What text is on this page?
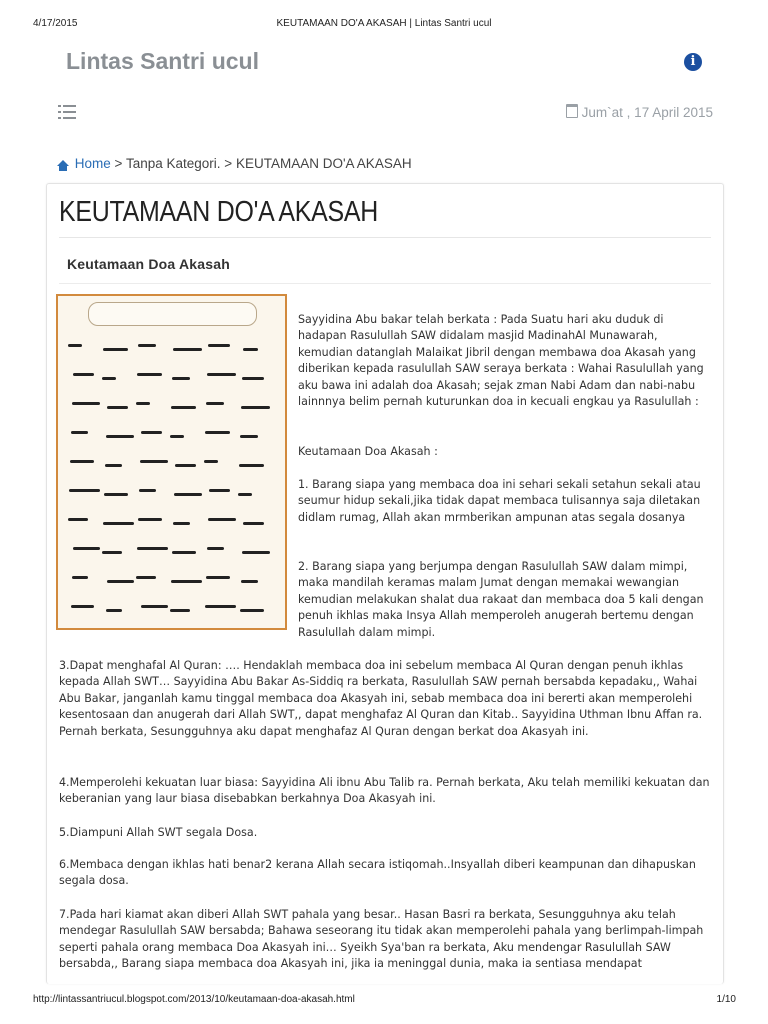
4/17/2015	KEUTAMAAN DO'A AKASAH | Lintas Santri ucul
Lintas Santri ucul	i
Jum`at , 17 April 2015
Home > Tanpa Kategori. > KEUTAMAAN DO'A AKASAH
KEUTAMAAN DO'A AKASAH
Keutamaan Doa Akasah
Sayyidina Abu bakar telah berkata : Pada Suatu hari aku duduk di hadapan Rasulullah SAW didalam masjid MadinahAl Munawarah, kemudian datanglah Malaikat Jibril dengan membawa doa Akasah yang diberikan kepada rasulullah SAW seraya berkata : Wahai Rasulullah yang aku bawa ini adalah doa Akasah; sejak zman Nabi Adam dan nabi-nabu lainnnya belim pernah kuturunkan doa in kecuali engkau ya Rasulullah :
Keutamaan Doa Akasah :
1. Barang siapa yang membaca doa ini sehari sekali setahun sekali atau seumur hidup sekali,jika tidak dapat membaca tulisannya saja diletakan didlam rumag, Allah akan mrmberikan ampunan atas segala dosanya
2. Barang siapa yang berjumpa dengan Rasulullah SAW dalam mimpi, maka mandilah keramas malam Jumat dengan memakai wewangian kemudian melakukan shalat dua rakaat dan membaca doa 5 kali dengan penuh ikhlas maka Insya Allah memperoleh anugerah bertemu dengan Rasulullah dalam mimpi.
3.Dapat menghafal Al Quran: …. Hendaklah membaca doa ini sebelum membaca Al Quran dengan penuh ikhlas kepada Allah SWT… Sayyidina Abu Bakar As-Siddiq ra berkata, Rasulullah SAW pernah bersabda kepadaku,, Wahai Abu Bakar, janganlah kamu tinggal membaca doa Akasyah ini, sebab membaca doa ini bererti akan memperolehi kesentosaan dan anugerah dari Allah SWT,, dapat menghafaz Al Quran dan Kitab.. Sayyidina Uthman Ibnu Affan ra. Pernah berkata, Sesungguhnya aku dapat menghafaz Al Quran dengan berkat doa Akasyah ini.
4.Memperolehi kekuatan luar biasa: Sayyidina Ali ibnu Abu Talib ra. Pernah berkata, Aku telah memiliki kekuatan dan keberanian yang laur biasa disebabkan berkahnya Doa Akasyah ini.
5.Diampuni Allah SWT segala Dosa.
6.Membaca dengan ikhlas hati benar2 kerana Allah secara istiqomah..Insyallah diberi keampunan dan dihapuskan segala dosa.
7.Pada hari kiamat akan diberi Allah SWT pahala yang besar.. Hasan Basri ra berkata, Sesungguhnya aku telah mendegar Rasulullah SAW bersabda; Bahawa seseorang itu tidak akan memperolehi pahala yang berlimpah-limpah seperti pahala orang membaca Doa Akasyah ini… Syeikh Sya'ban ra berkata, Aku mendengar Rasulullah SAW bersabda,, Barang siapa membaca doa Akasyah ini, jika ia meninggal dunia, maka ia sentiasa mendapat
http://lintassantriucul.blogspot.com/2013/10/keutamaan-doa-akasah.html	1/10
